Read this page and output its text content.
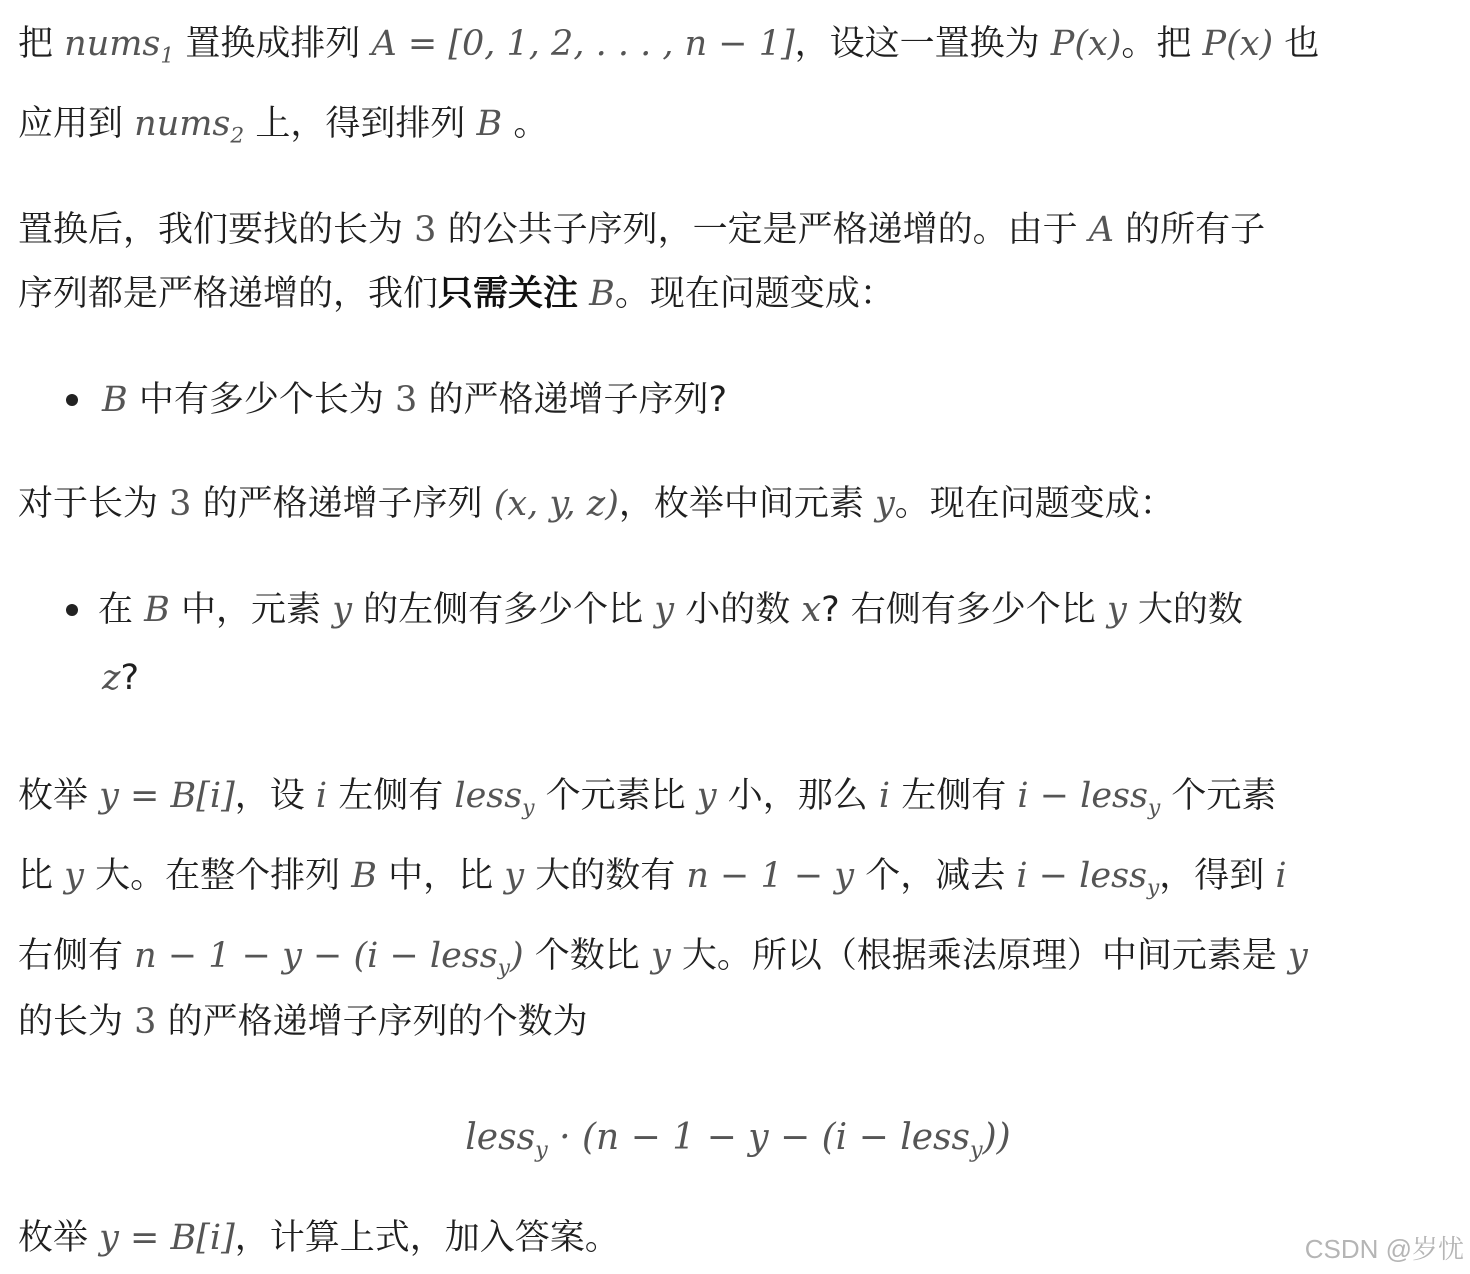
把 nums$_1$ 置换成排列 A = [0, 1, 2, . . . , n − 1]，设这一置换为 P(x)。把 P(x) 也
应用到 nums$_2$ 上，得到排列 B 。
置换后，我们要找的长为 3 的公共子序列，一定是严格递增的。由于 A 的所有子
序列都是严格递增的，我们只需关注 B。现在问题变成：
B 中有多少个长为 3 的严格递增子序列?
对于长为 3 的严格递增子序列 (x, y, z)，枚举中间元素 y。现在问题变成：
在 B 中，元素 y 的左侧有多少个比 y 小的数 x? 右侧有多少个比 y 大的数
z?
枚举 y = B[i]，设 i 左侧有 less$_y$ 个元素比 y 小，那么 i 左侧有 i − less$_y$ 个元素
比 y 大。在整个排列 B 中，比 y 大的数有 n − 1 − y 个，减去 i − less$_y$，得到 i
右侧有 n − 1 − y − (i − less$_y$) 个数比 y 大。所以（根据乘法原理）中间元素是 y
的长为 3 的严格递增子序列的个数为
less$_y$ · (n − 1 − y − (i − less$_y$))
枚举 y = B[i]，计算上式，加入答案。	CSDN @岁忧
